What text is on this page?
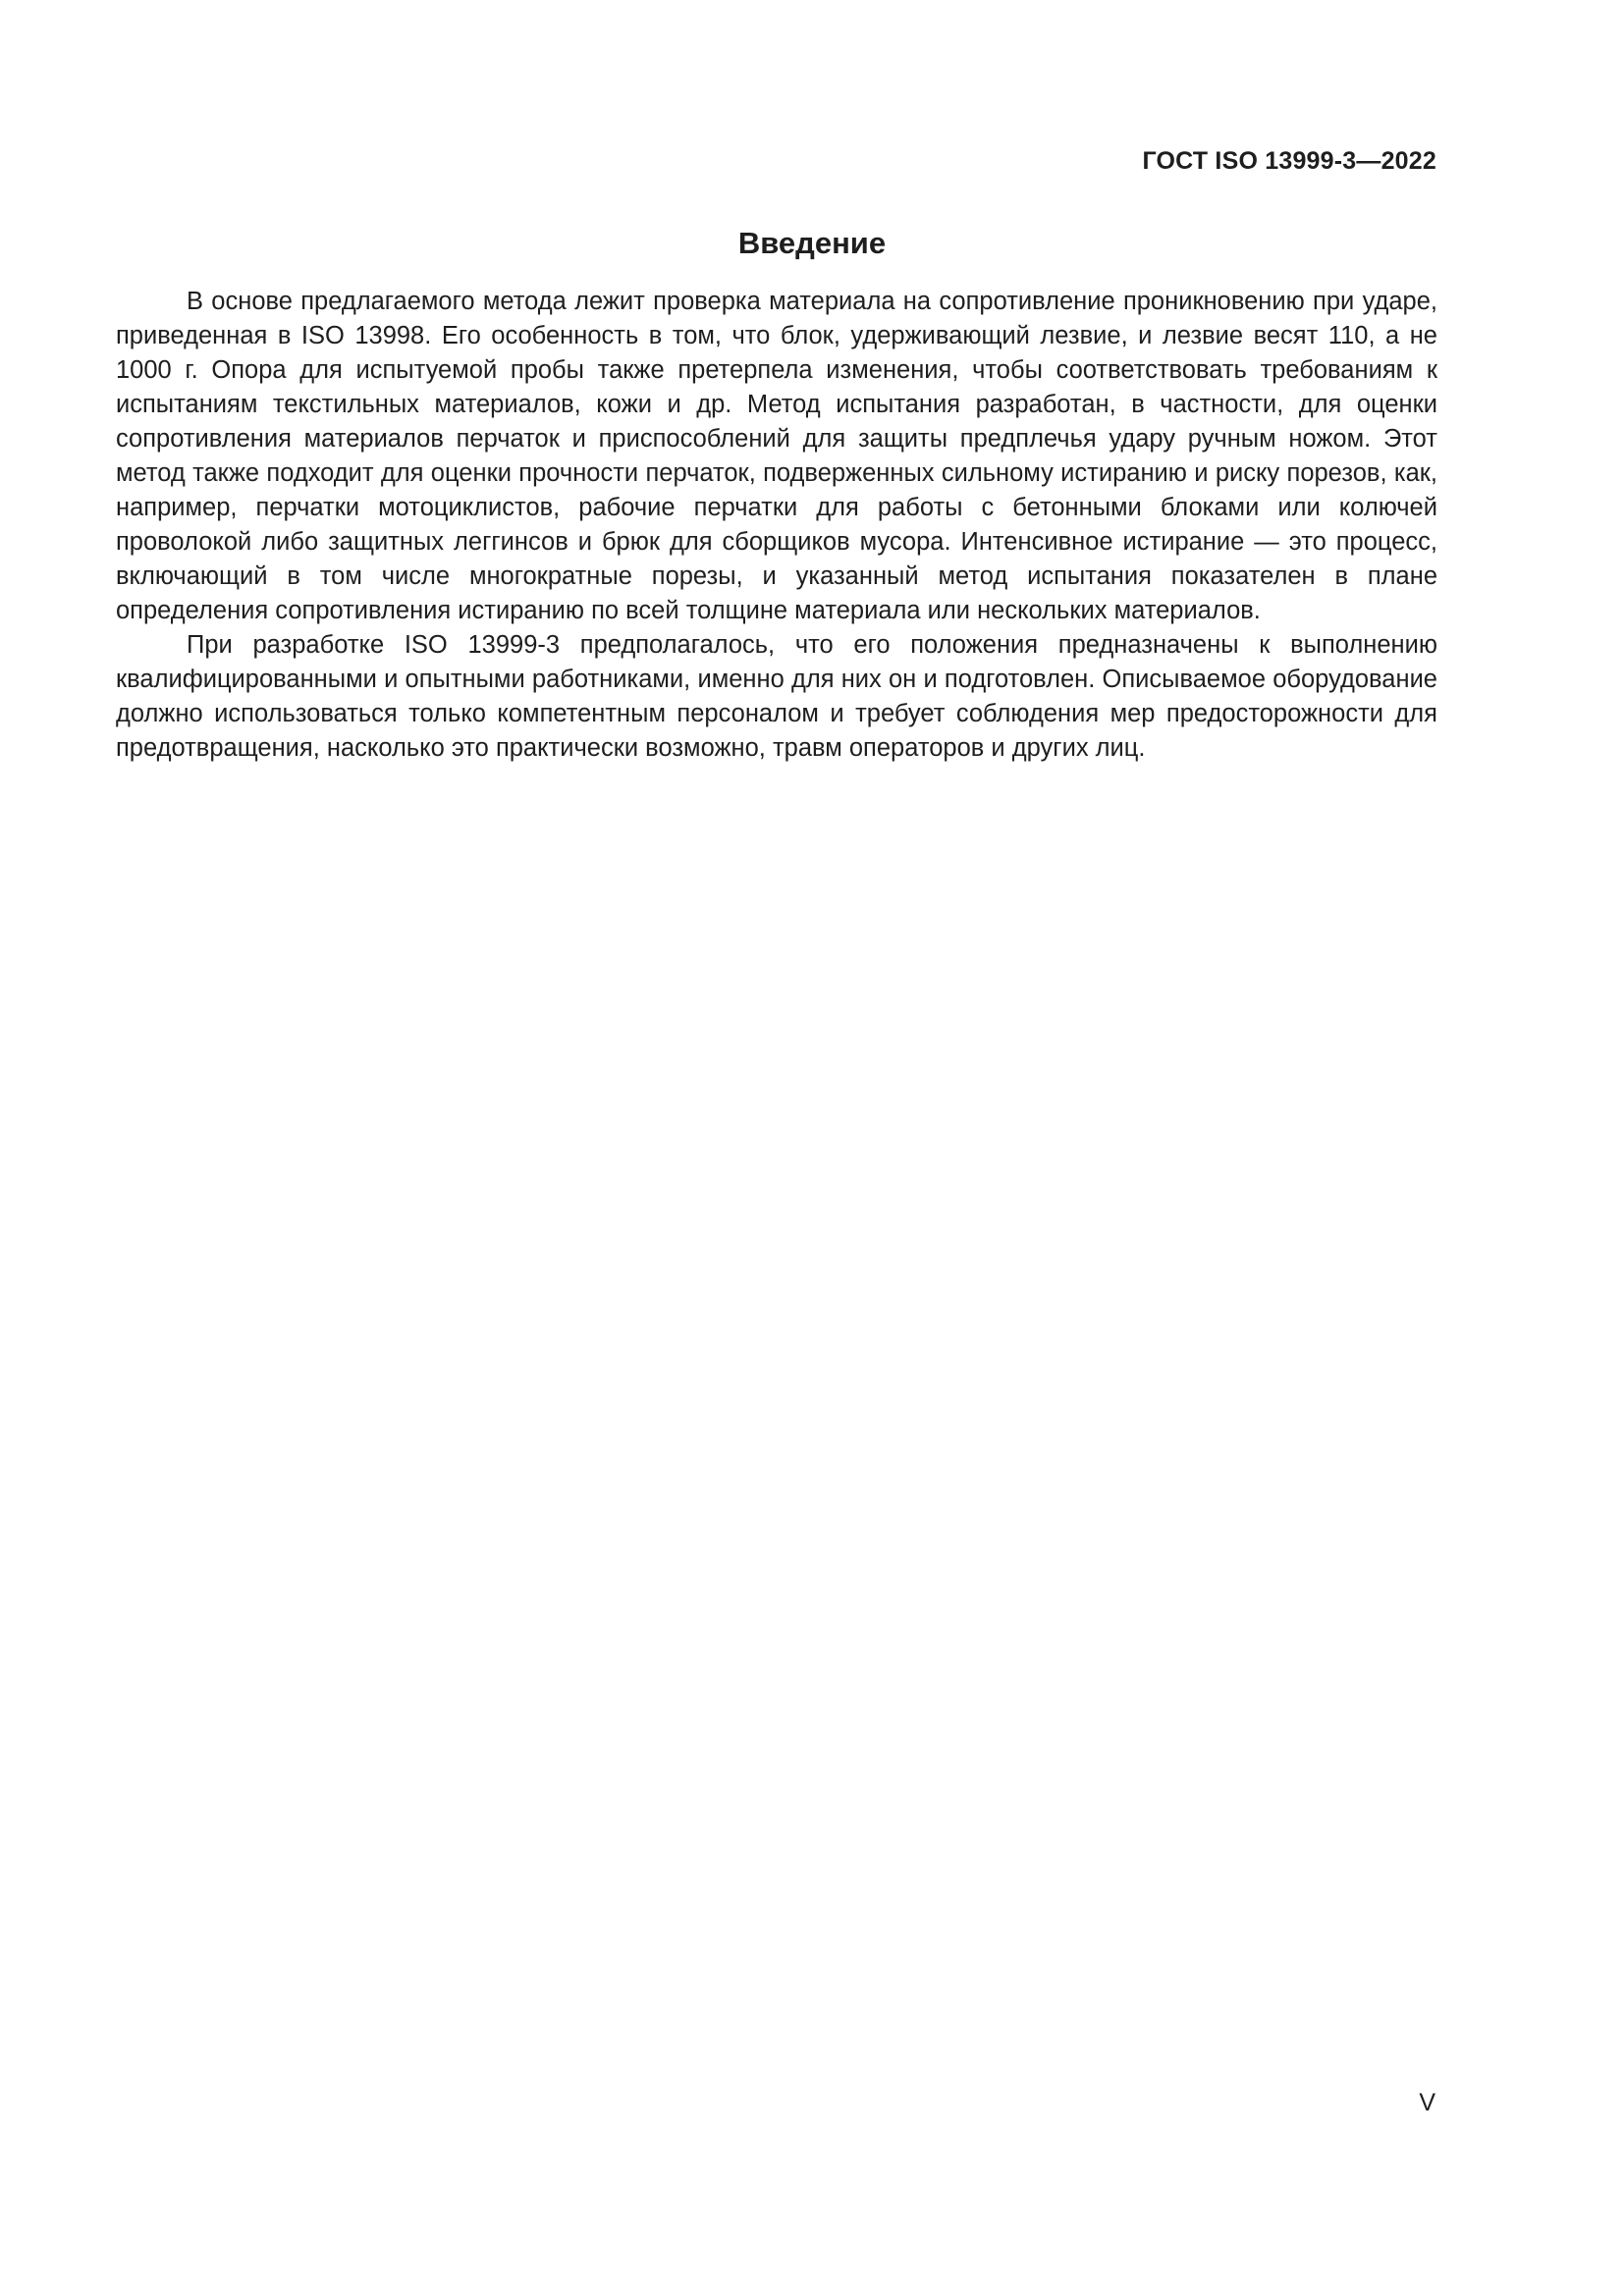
ГОСТ ISO 13999-3—2022
Введение

В основе предлагаемого метода лежит проверка материала на сопротивление проникновению при ударе, приведенная в ISO 13998. Его особенность в том, что блок, удерживающий лезвие, и лезвие весят 110, а не 1000 г. Опора для испытуемой пробы также претерпела изменения, чтобы соответствовать требованиям к испытаниям текстильных материалов, кожи и др. Метод испытания разработан, в частности, для оценки сопротивления материалов перчаток и приспособлений для защиты предплечья удару ручным ножом. Этот метод также подходит для оценки прочности перчаток, подверженных сильному истиранию и риску порезов, как, например, перчатки мотоциклистов, рабочие перчатки для работы с бетонными блоками или колючей проволокой либо защитных леггинсов и брюк для сборщиков мусора. Интенсивное истирание — это процесс, включающий в том числе многократные порезы, и указанный метод испытания показателен в плане определения сопротивления истиранию по всей толщине материала или нескольких материалов.

При разработке ISO 13999-3 предполагалось, что его положения предназначены к выполнению квалифицированными и опытными работниками, именно для них он и подготовлен. Описываемое оборудование должно использоваться только компетентным персоналом и требует соблюдения мер предосторожности для предотвращения, насколько это практически возможно, травм операторов и других лиц.

V
